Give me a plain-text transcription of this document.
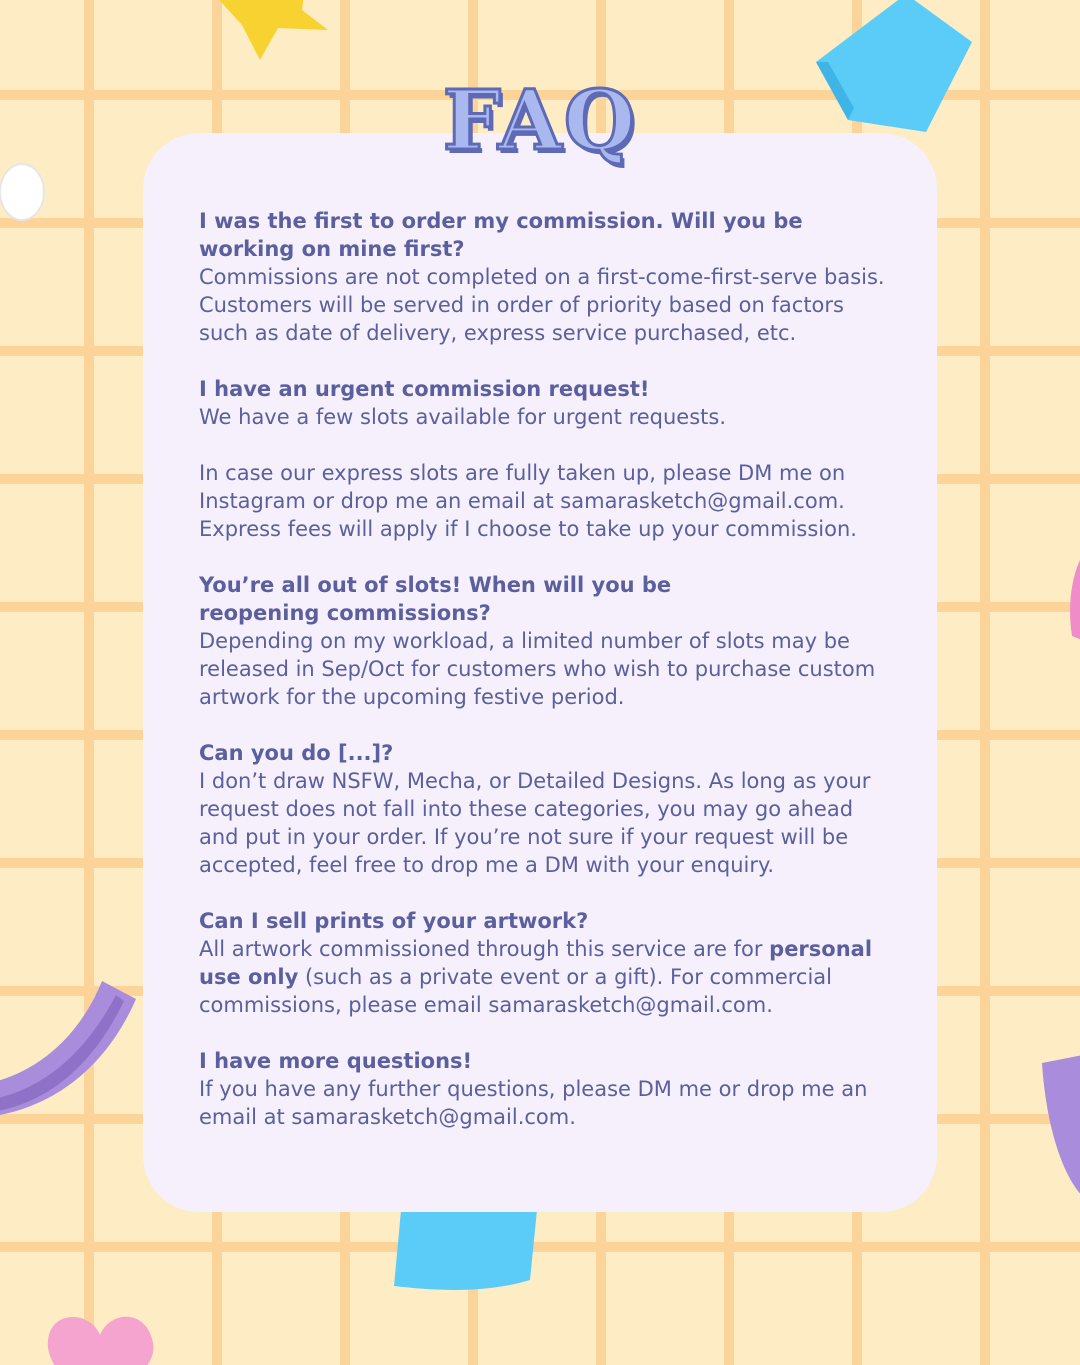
FAQ

I was the first to order my commission. Will you be working on mine first?

Commissions are not completed on a first-come-first-serve basis. Customers will be served in order of priority based on factors such as date of delivery, express service purchased, etc.

I have an urgent commission request!

We have a few slots available for urgent requests.

In case our express slots are fully taken up, please DM me on Instagram or drop me an email at samarasketch@gmail.com. Express fees will apply if I choose to take up your commission.

You’re all out of slots! When will you be reopening commissions?

Depending on my workload, a limited number of slots may be released in Sep/Oct for customers who wish to purchase custom artwork for the upcoming festive period.

Can you do [...]?

I don’t draw NSFW, Mecha, or Detailed Designs. As long as your request does not fall into these categories, you may go ahead and put in your order. If you’re not sure if your request will be accepted, feel free to drop me a DM with your enquiry.

Can I sell prints of your artwork?

All artwork commissioned through this service are for personal use only (such as a private event or a gift). For commercial commissions, please email samarasketch@gmail.com.

I have more questions!

If you have any further questions, please DM me or drop me an email at samarasketch@gmail.com.
